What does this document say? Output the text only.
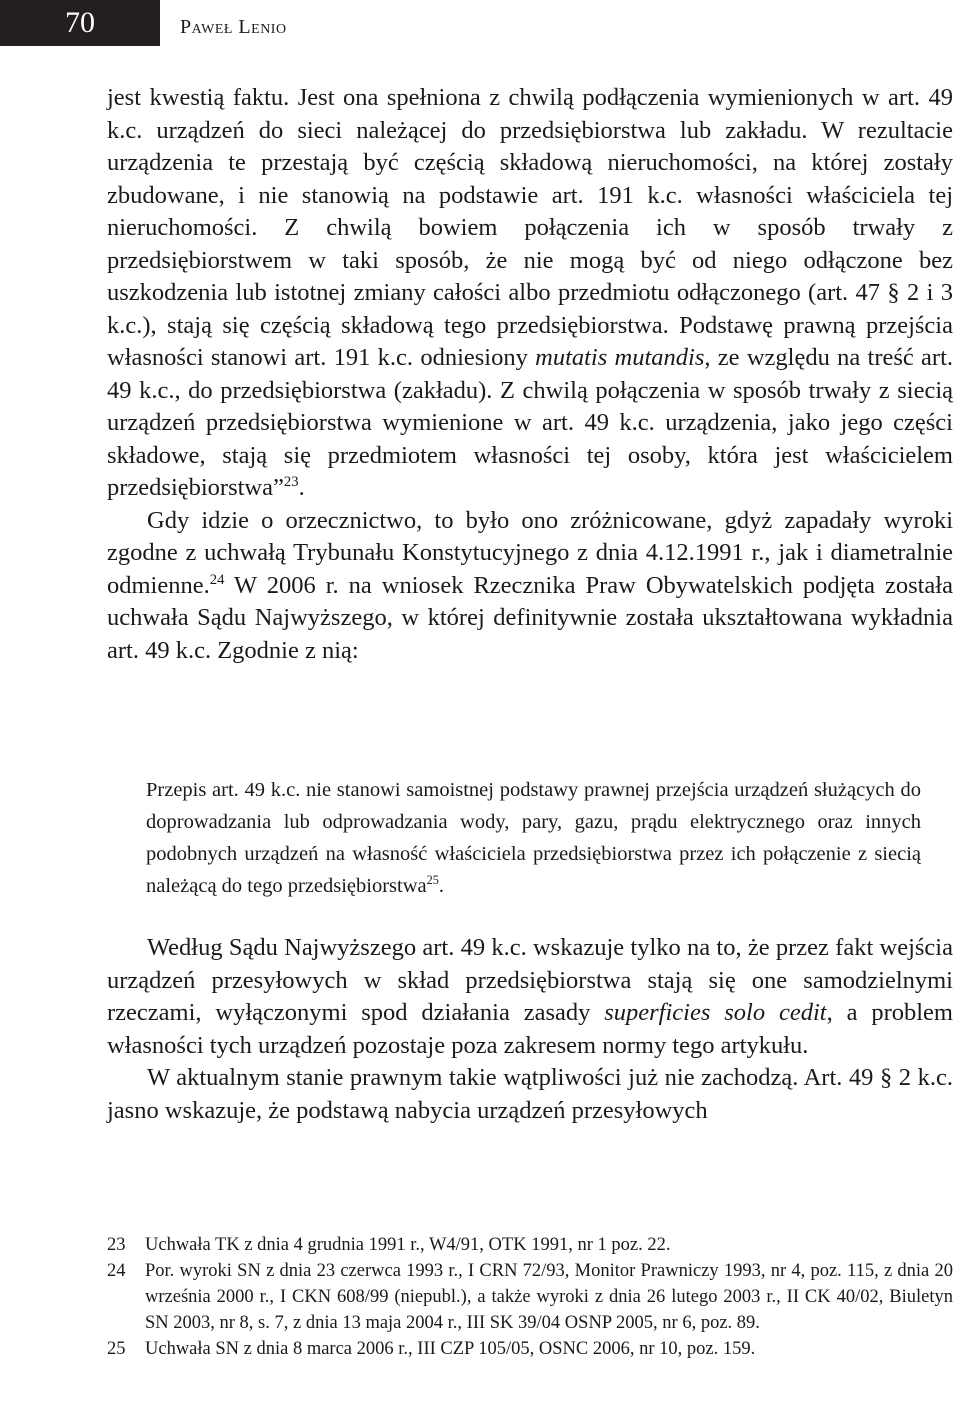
70	Paweł Lenio

jest kwestią faktu. Jest ona spełniona z chwilą podłączenia wymienionych w art. 49 k.c. urządzeń do sieci należącej do przedsiębiorstwa lub zakładu. W rezultacie urządzenia te przestają być częścią składową nieruchomości, na której zostały zbudowane, i nie stanowią na podstawie art. 191 k.c. własności właściciela tej nieruchomości. Z chwilą bowiem połączenia ich w sposób trwały z przedsiębiorstwem w taki sposób, że nie mogą być od niego odłączone bez uszkodzenia lub istotnej zmiany całości albo przedmiotu odłączonego (art. 47 § 2 i 3 k.c.), stają się częścią składową tego przedsiębiorstwa. Podstawę prawną przejścia własności stanowi art. 191 k.c. odniesiony mutatis mutandis, ze względu na treść art. 49 k.c., do przedsiębiorstwa (zakładu). Z chwilą połączenia w sposób trwały z siecią urządzeń przedsiębiorstwa wymienione w art. 49 k.c. urządzenia, jako jego części składowe, stają się przedmiotem własności tej osoby, która jest właścicielem przedsiębiorstwa”$^{23}$.

Gdy idzie o orzecznictwo, to było ono zróżnicowane, gdyż zapadały wyroki zgodne z uchwałą Trybunału Konstytucyjnego z dnia 4.12.1991 r., jak i diametralnie odmienne.$^{24}$ W 2006 r. na wniosek Rzecznika Praw Obywatelskich podjęta została uchwała Sądu Najwyższego, w której definitywnie została ukształtowana wykładnia art. 49 k.c. Zgodnie z nią:

Przepis art. 49 k.c. nie stanowi samoistnej podstawy prawnej przejścia urządzeń służących do doprowadzania lub odprowadzania wody, pary, gazu, prądu elektrycznego oraz innych podobnych urządzeń na własność właściciela przedsiębiorstwa przez ich połączenie z siecią należącą do tego przedsiębiorstwa$^{25}$.

Według Sądu Najwyższego art. 49 k.c. wskazuje tylko na to, że przez fakt wejścia urządzeń przesyłowych w skład przedsiębiorstwa stają się one samodzielnymi rzeczami, wyłączonymi spod działania zasady superficies solo cedit, a problem własności tych urządzeń pozostaje poza zakresem normy tego artykułu.

W aktualnym stanie prawnym takie wątpliwości już nie zachodzą. Art. 49 § 2 k.c. jasno wskazuje, że podstawą nabycia urządzeń przesyłowych

23	Uchwała TK z dnia 4 grudnia 1991 r., W4/91, OTK 1991, nr 1 poz. 22.
24	Por. wyroki SN z dnia 23 czerwca 1993 r., I CRN 72/93, Monitor Prawniczy 1993, nr 4, poz. 115, z dnia 20 września 2000 r., I CKN 608/99 (niepubl.), a także wyroki z dnia 26 lutego 2003 r., II CK 40/02, Biuletyn SN 2003, nr 8, s. 7, z dnia 13 maja 2004 r., III SK 39/04 OSNP 2005, nr 6, poz. 89.
25	Uchwała SN z dnia 8 marca 2006 r., III CZP 105/05, OSNC 2006, nr 10, poz. 159.
